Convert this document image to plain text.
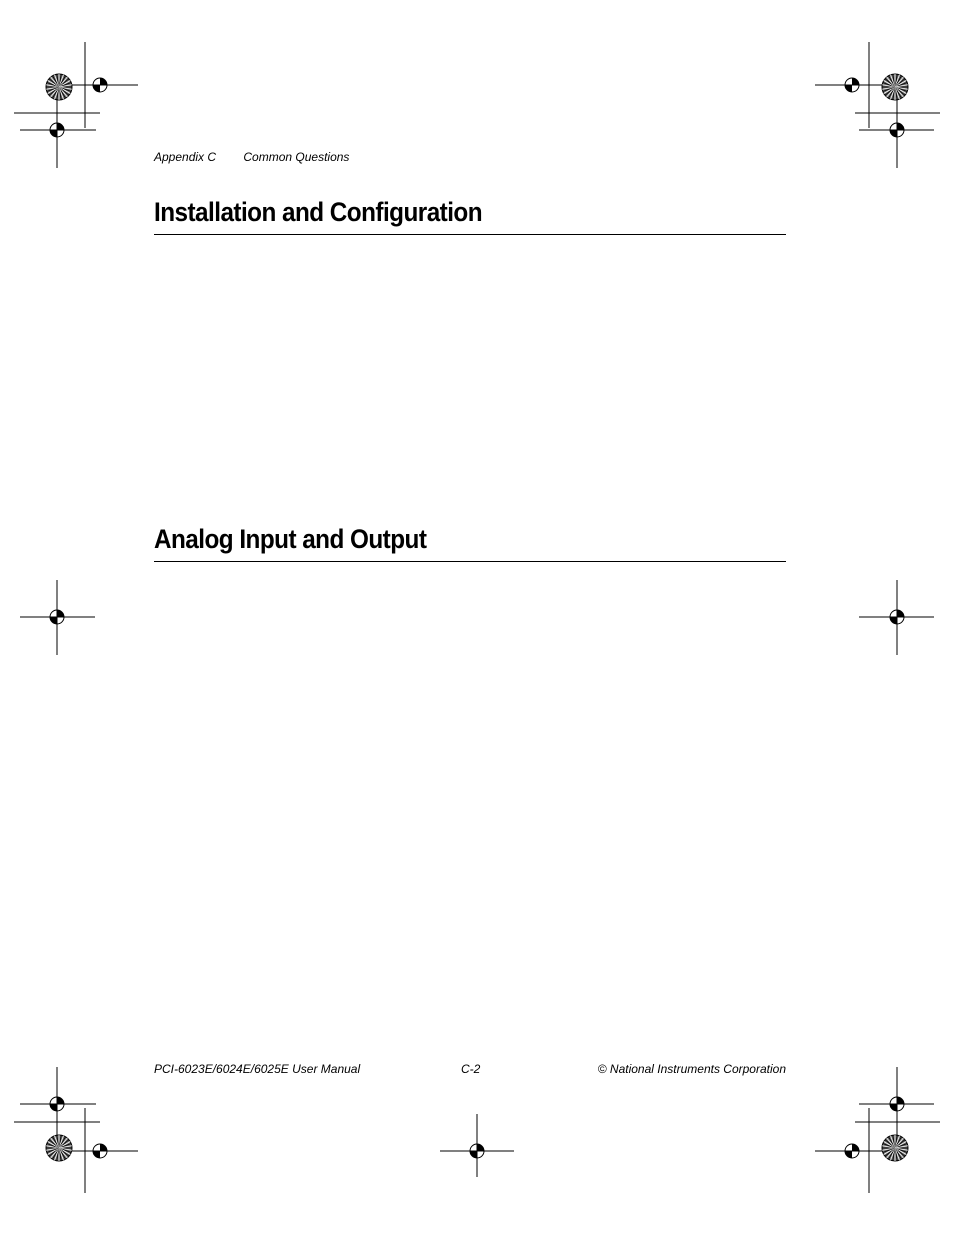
Appendix C Common Questions
Installation and Configuration
Analog Input and Output
PCI-6023E/6024E/6025E User Manual	C-2	© National Instruments Corporation
